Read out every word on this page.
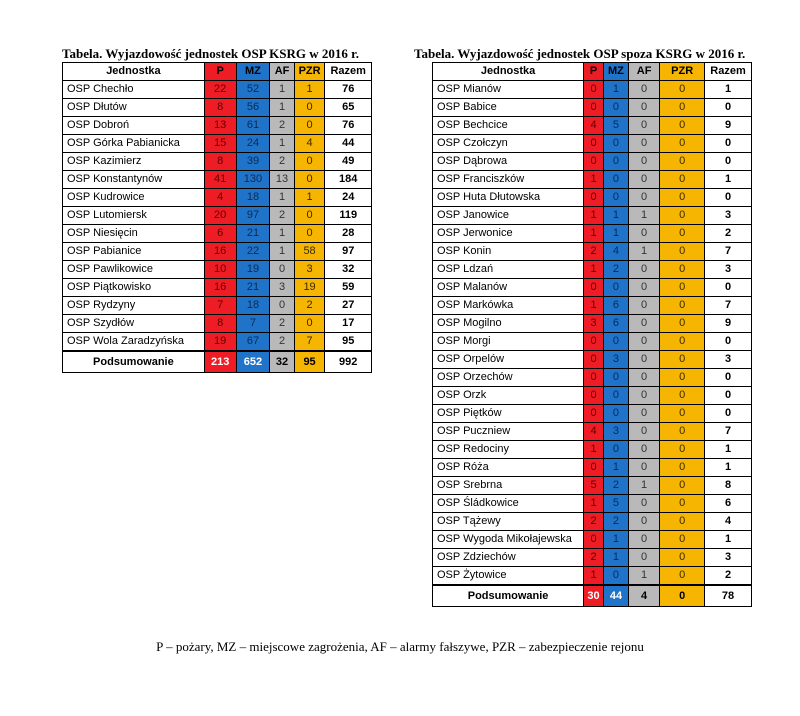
Tabela. Wyjazdowość jednostek OSP KSRG w 2016 r.
Jednostka	P	MZ	AF	PZR	Razem
OSP Chechło	22	52	1	1	76
OSP Dłutów	8	56	1	0	65
OSP Dobroń	13	61	2	0	76
OSP Górka Pabianicka	15	24	1	4	44
OSP Kazimierz	8	39	2	0	49
OSP Konstantynów	41	130	13	0	184
OSP Kudrowice	4	18	1	1	24
OSP Lutomiersk	20	97	2	0	119
OSP Niesięcin	6	21	1	0	28
OSP Pabianice	16	22	1	58	97
OSP Pawlikowice	10	19	0	3	32
OSP Piątkowisko	16	21	3	19	59
OSP Rydzyny	7	18	0	2	27
OSP Szydłów	8	7	2	0	17
OSP Wola Zaradzyńska	19	67	2	7	95
Podsumowanie	213	652	32	95	992
Tabela. Wyjazdowość jednostek OSP spoza KSRG w 2016 r.
Jednostka	P	MZ	AF	PZR	Razem
OSP Mianów	0	1	0	0	1
OSP Babice	0	0	0	0	0
OSP Bechcice	4	5	0	0	9
OSP Czołczyn	0	0	0	0	0
OSP Dąbrowa	0	0	0	0	0
OSP Franciszków	1	0	0	0	1
OSP Huta Dłutowska	0	0	0	0	0
OSP Janowice	1	1	1	0	3
OSP Jerwonice	1	1	0	0	2
OSP Konin	2	4	1	0	7
OSP Ldzań	1	2	0	0	3
OSP Malanów	0	0	0	0	0
OSP Markówka	1	6	0	0	7
OSP Mogilno	3	6	0	0	9
OSP Morgi	0	0	0	0	0
OSP Orpelów	0	3	0	0	3
OSP Orzechów	0	0	0	0	0
OSP Orzk	0	0	0	0	0
OSP Piętków	0	0	0	0	0
OSP Puczniew	4	3	0	0	7
OSP Redociny	1	0	0	0	1
OSP Róża	0	1	0	0	1
OSP Srebrna	5	2	1	0	8
OSP Śládkowice	1	5	0	0	6
OSP Tążewy	2	2	0	0	4
OSP Wygoda Mikołajewska	0	1	0	0	1
OSP Zdziechów	2	1	0	0	3
OSP Żytowice	1	0	1	0	2
Podsumowanie	30	44	4	0	78
P – pożary, MZ – miejscowe zagrożenia, AF – alarmy fałszywe, PZR – zabezpieczenie rejonu
